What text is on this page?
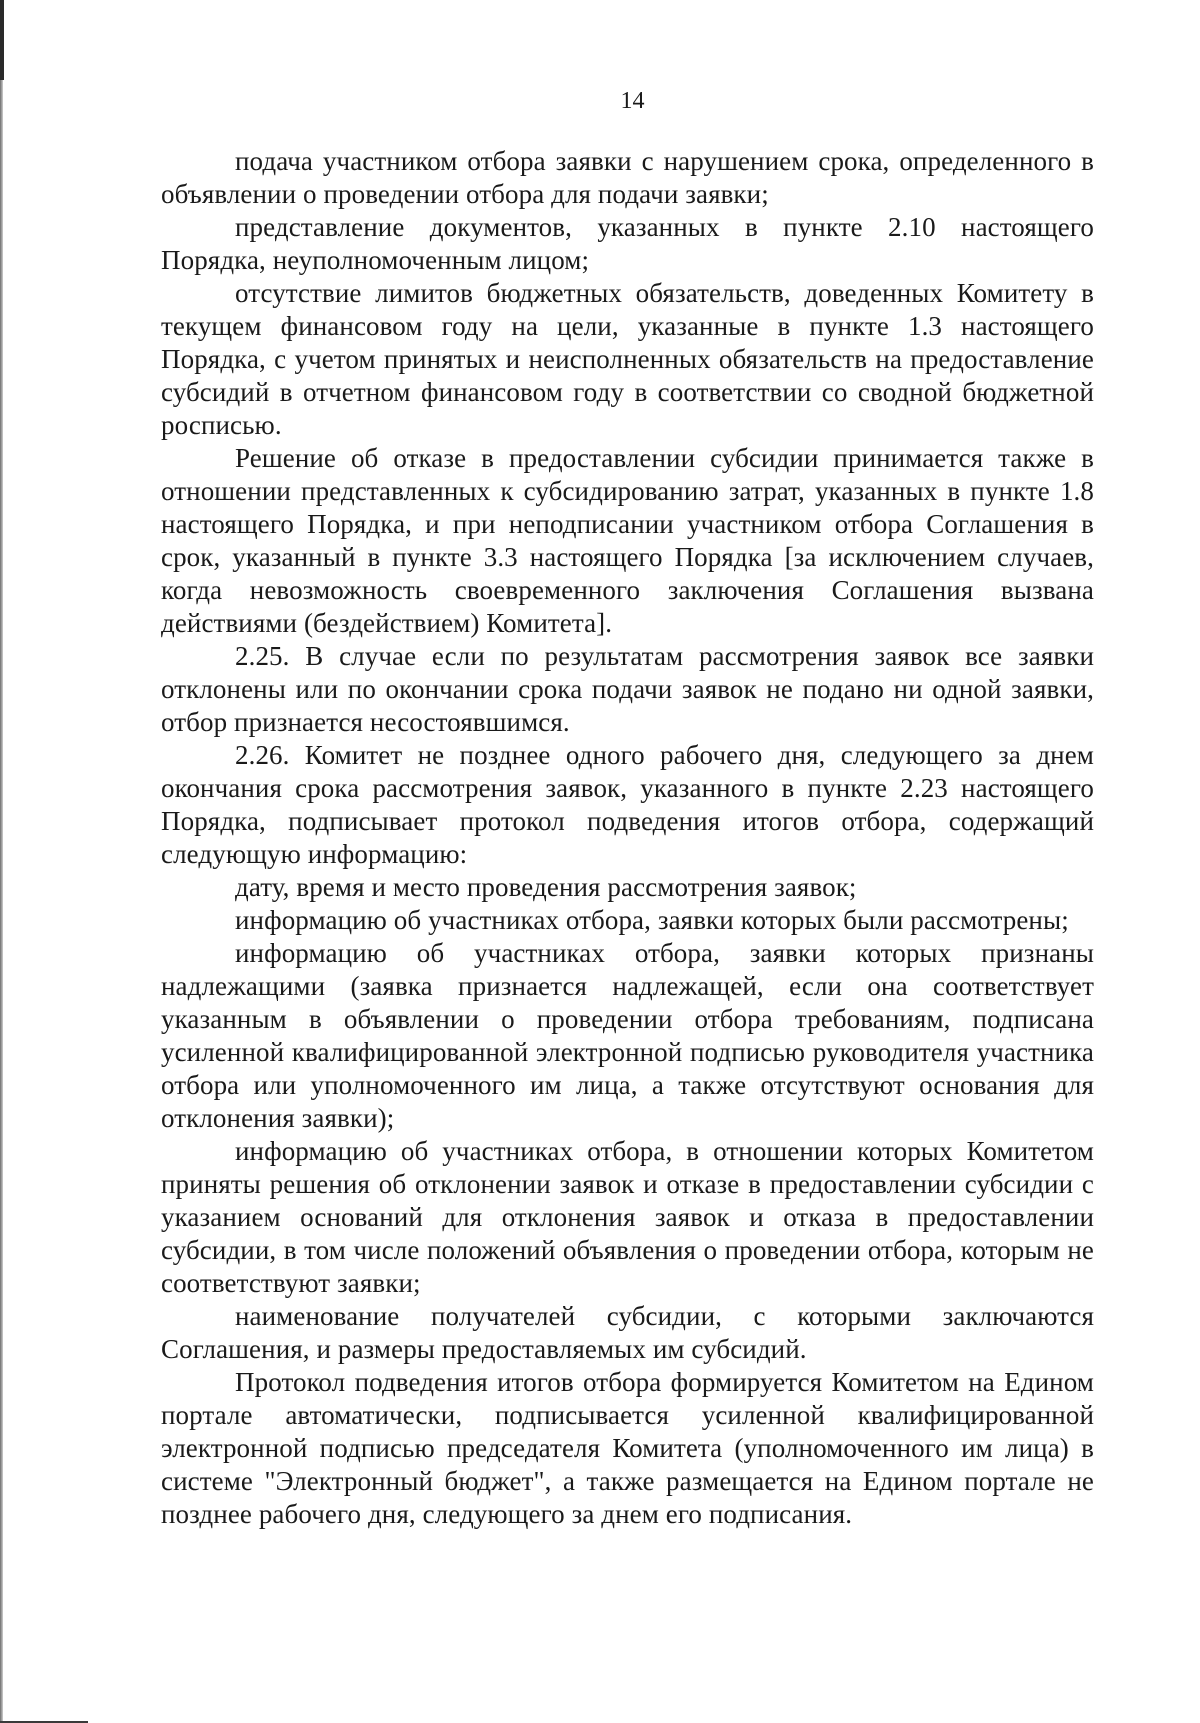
14

подача участником отбора заявки с нарушением срока, определенного в объявлении о проведении отбора для подачи заявки;

представление документов, указанных в пункте 2.10 настоящего Порядка, неуполномоченным лицом;

отсутствие лимитов бюджетных обязательств, доведенных Комитету в текущем финансовом году на цели, указанные в пункте 1.3 настоящего Порядка, с учетом принятых и неисполненных обязательств на предоставление субсидий в отчетном финансовом году в соответствии со сводной бюджетной росписью.

Решение об отказе в предоставлении субсидии принимается также в отношении представленных к субсидированию затрат, указанных в пункте 1.8 настоящего Порядка, и при неподписании участником отбора Соглашения в срок, указанный в пункте 3.3 настоящего Порядка [за исключением случаев, когда невозможность своевременного заключения Соглашения вызвана действиями (бездействием) Комитета].

2.25. В случае если по результатам рассмотрения заявок все заявки отклонены или по окончании срока подачи заявок не подано ни одной заявки, отбор признается несостоявшимся.

2.26. Комитет не позднее одного рабочего дня, следующего за днем окончания срока рассмотрения заявок, указанного в пункте 2.23 настоящего Порядка, подписывает протокол подведения итогов отбора, содержащий следующую информацию:

дату, время и место проведения рассмотрения заявок;

информацию об участниках отбора, заявки которых были рассмотрены;

информацию об участниках отбора, заявки которых признаны надлежащими (заявка признается надлежащей, если она соответствует указанным в объявлении о проведении отбора требованиям, подписана усиленной квалифицированной электронной подписью руководителя участника отбора или уполномоченного им лица, а также отсутствуют основания для отклонения заявки);

информацию об участниках отбора, в отношении которых Комитетом приняты решения об отклонении заявок и отказе в предоставлении субсидии с указанием оснований для отклонения заявок и отказа в предоставлении субсидии, в том числе положений объявления о проведении отбора, которым не соответствуют заявки;

наименование получателей субсидии, с которыми заключаются Соглашения, и размеры предоставляемых им субсидий.

Протокол подведения итогов отбора формируется Комитетом на Едином портале автоматически, подписывается усиленной квалифицированной электронной подписью председателя Комитета (уполномоченного им лица) в системе "Электронный бюджет", а также размещается на Едином портале не позднее рабочего дня, следующего за днем его подписания.
